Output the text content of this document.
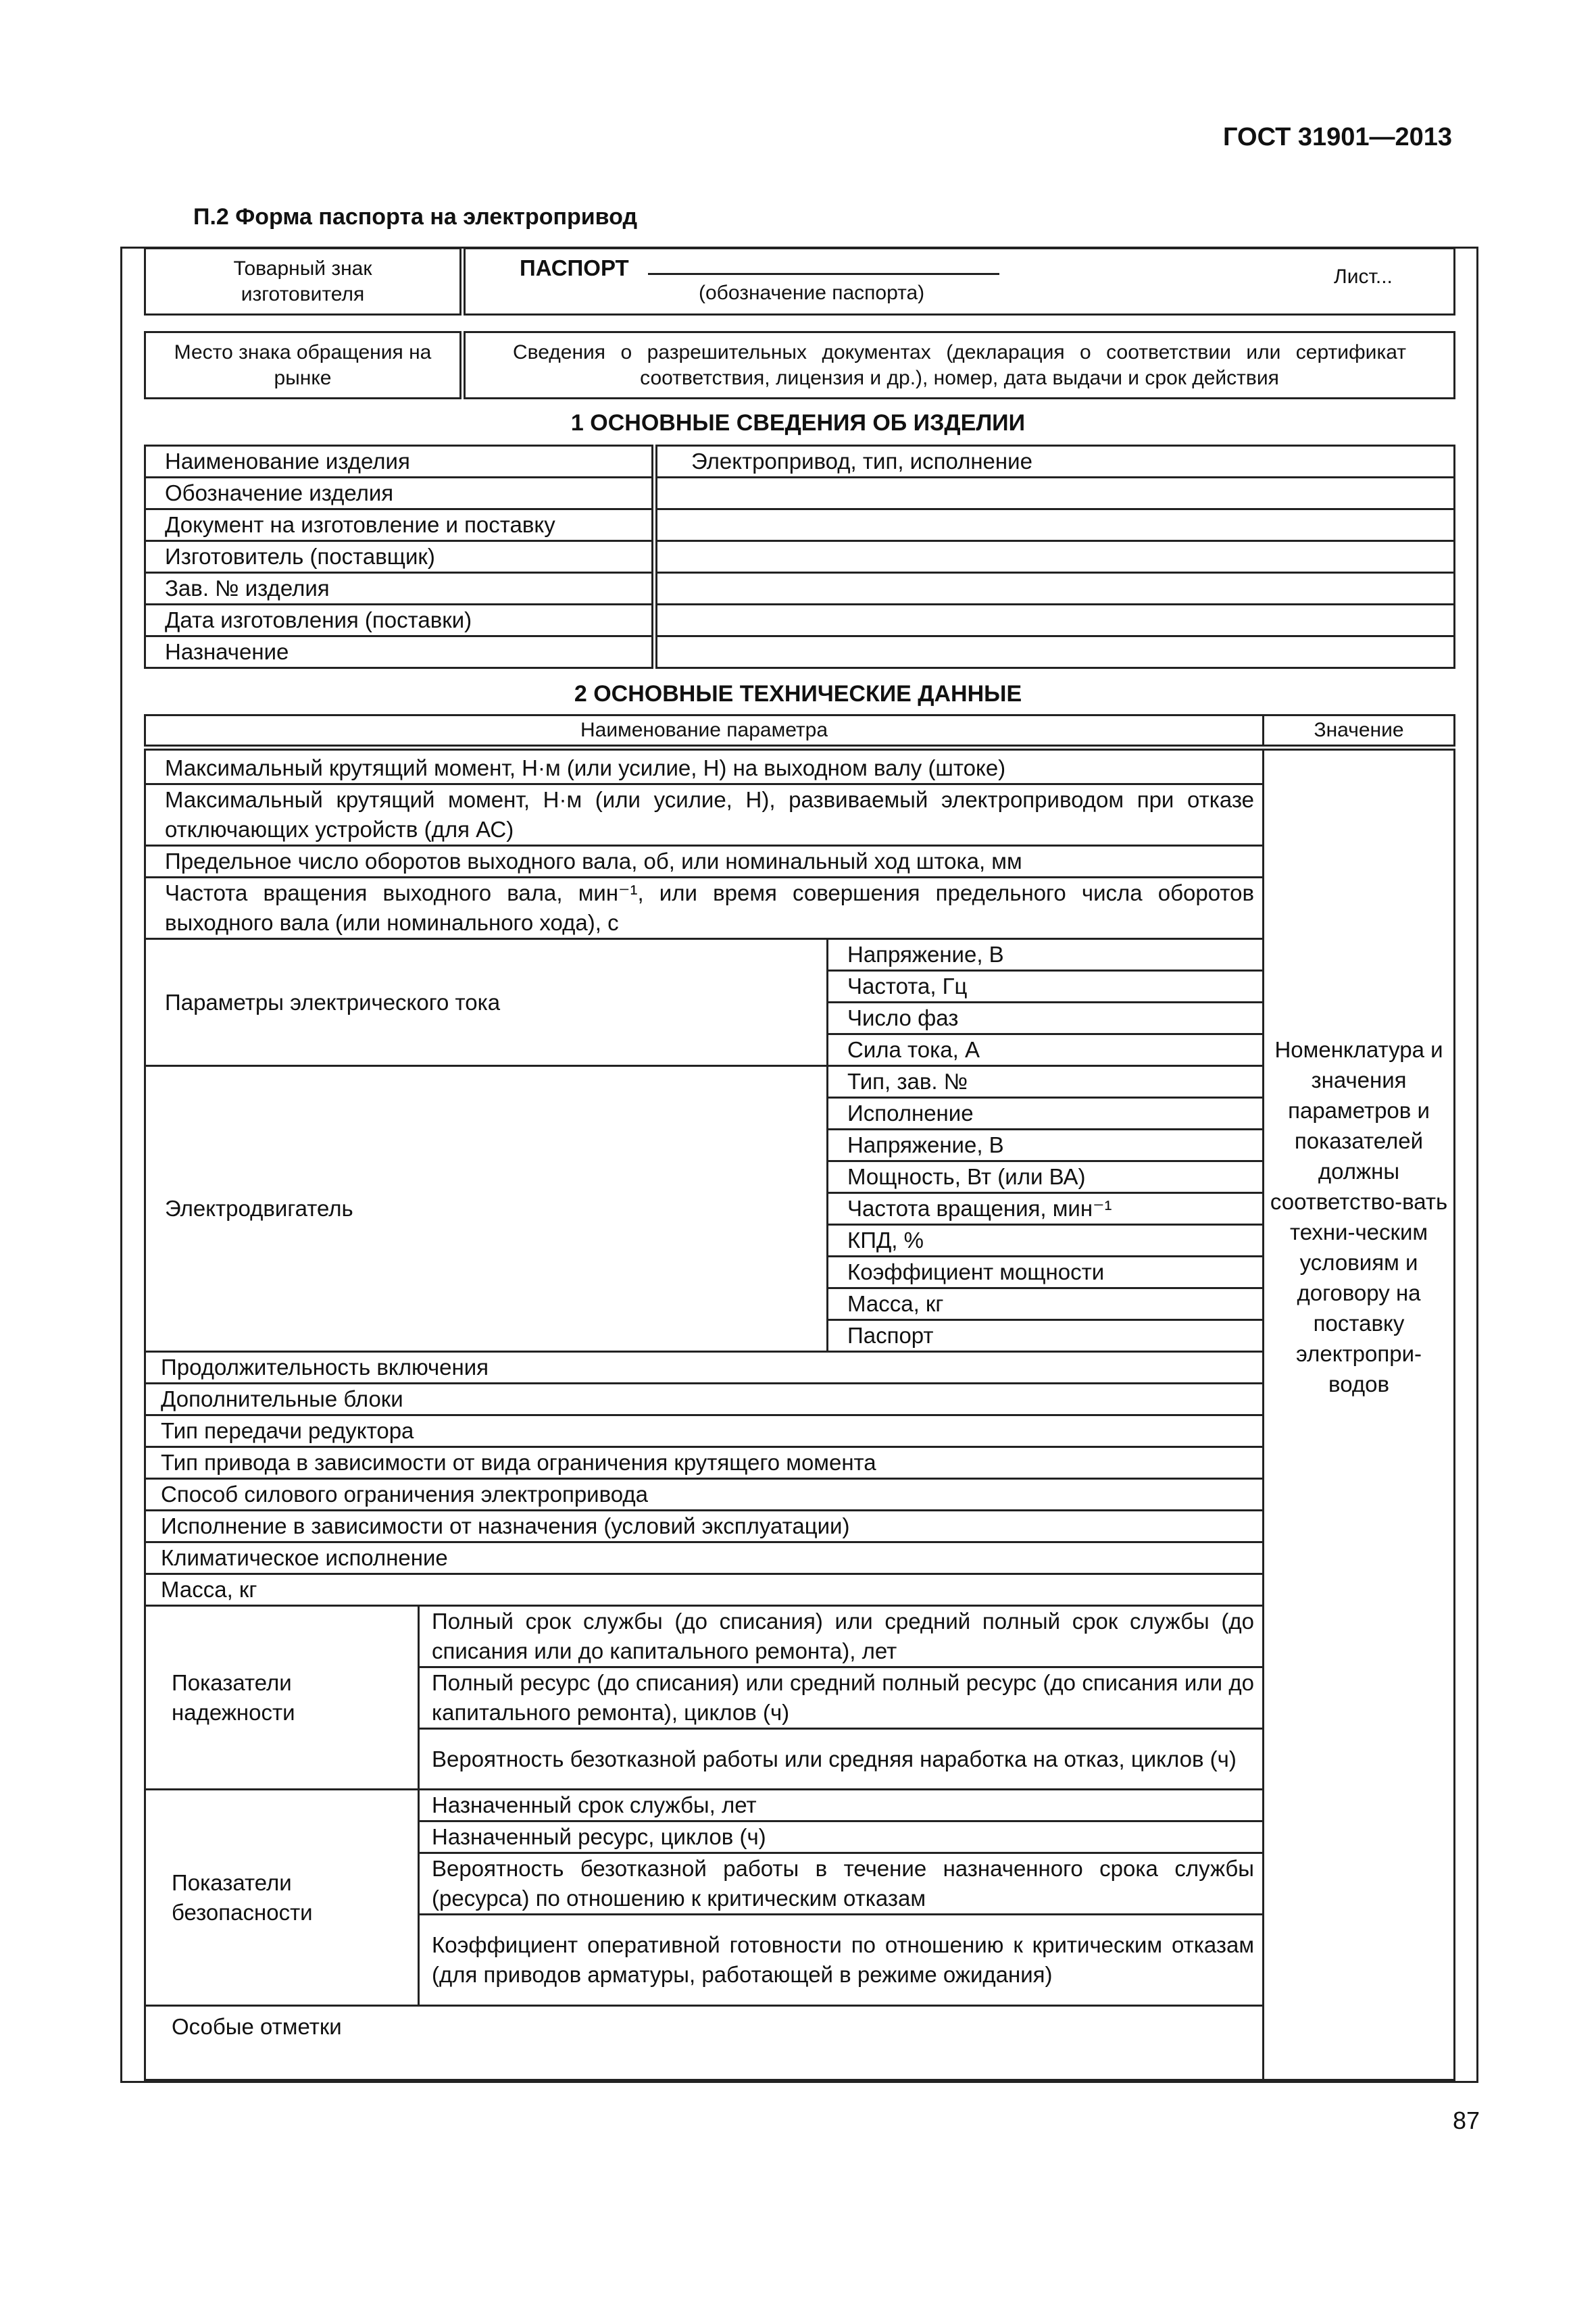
ГОСТ 31901—2013
П.2 Форма паспорта на электропривод
Товарный знак изготовителя	
ПАСПОРТ
(обозначение паспорта)
Лист...
Место знака обращения на рынке	Сведения о разрешительных документах (декларация о соответствии или сертификат соответствия, лицензия и др.), номер, дата выдачи и срок действия
1 ОСНОВНЫЕ СВЕДЕНИЯ ОБ ИЗДЕЛИИ
Наименование изделия	Электропривод, тип, исполнение
Обозначение изделия	
Документ на изготовление и поставку	
Изготовитель (поставщик)	
Зав. № изделия	
Дата изготовления (поставки)	
Назначение	
2 ОСНОВНЫЕ ТЕХНИЧЕСКИЕ ДАННЫЕ
Наименование параметра			Значение
Максимальный крутящий момент, Н·м (или усилие, Н) на выходном валу (штоке)			Номенклатура и значения параметров и показателей должны соответство-вать техни-ческим условиям и договору на поставку электропри-водов
Максимальный крутящий момент, Н·м (или усилие, Н), развиваемый электроприводом при отказе отключающих устройств (для АС)			
Предельное число оборотов выходного вала, об, или номинальный ход штока, мм			
Частота вращения выходного вала, мин⁻¹, или время совершения предельного числа оборотов выходного вала (или номинального хода), с			
Параметры электрического тока		Напряжение, В	
		Частота, Гц	
		Число фаз	
		Сила тока, А	
Электродвигатель		Тип, зав. №	
		Исполнение	
		Напряжение, В	
		Мощность, Вт (или ВА)	
		Частота вращения, мин⁻¹	
		КПД, %	
		Коэффициент мощности	
		Масса, кг	
		Паспорт	
Продолжительность включения			
Дополнительные блоки			
Тип передачи редуктора			
Тип привода в зависимости от вида ограничения крутящего момента			
Способ силового ограничения электропривода			
Исполнение в зависимости от назначения (условий эксплуатации)			
Климатическое исполнение			
Масса, кг			
Показатели надежности	Полный срок службы (до списания) или средний полный срок службы (до списания или до капитального ремонта), лет		
	Полный ресурс (до списания) или средний полный ресурс (до списания или до капитального ремонта), циклов (ч)		
	Вероятность безотказной работы или средняя наработка на отказ, циклов (ч)		
Показатели безопасности	Назначенный срок службы, лет		
	Назначенный ресурс, циклов (ч)		
	Вероятность безотказной работы в течение назначенного срока службы (ресурса) по отношению к критическим отказам		
	Коэффициент оперативной готовности по отношению к критическим отказам (для приводов арматуры, работающей в режиме ожидания)		
Особые отметки			
87
